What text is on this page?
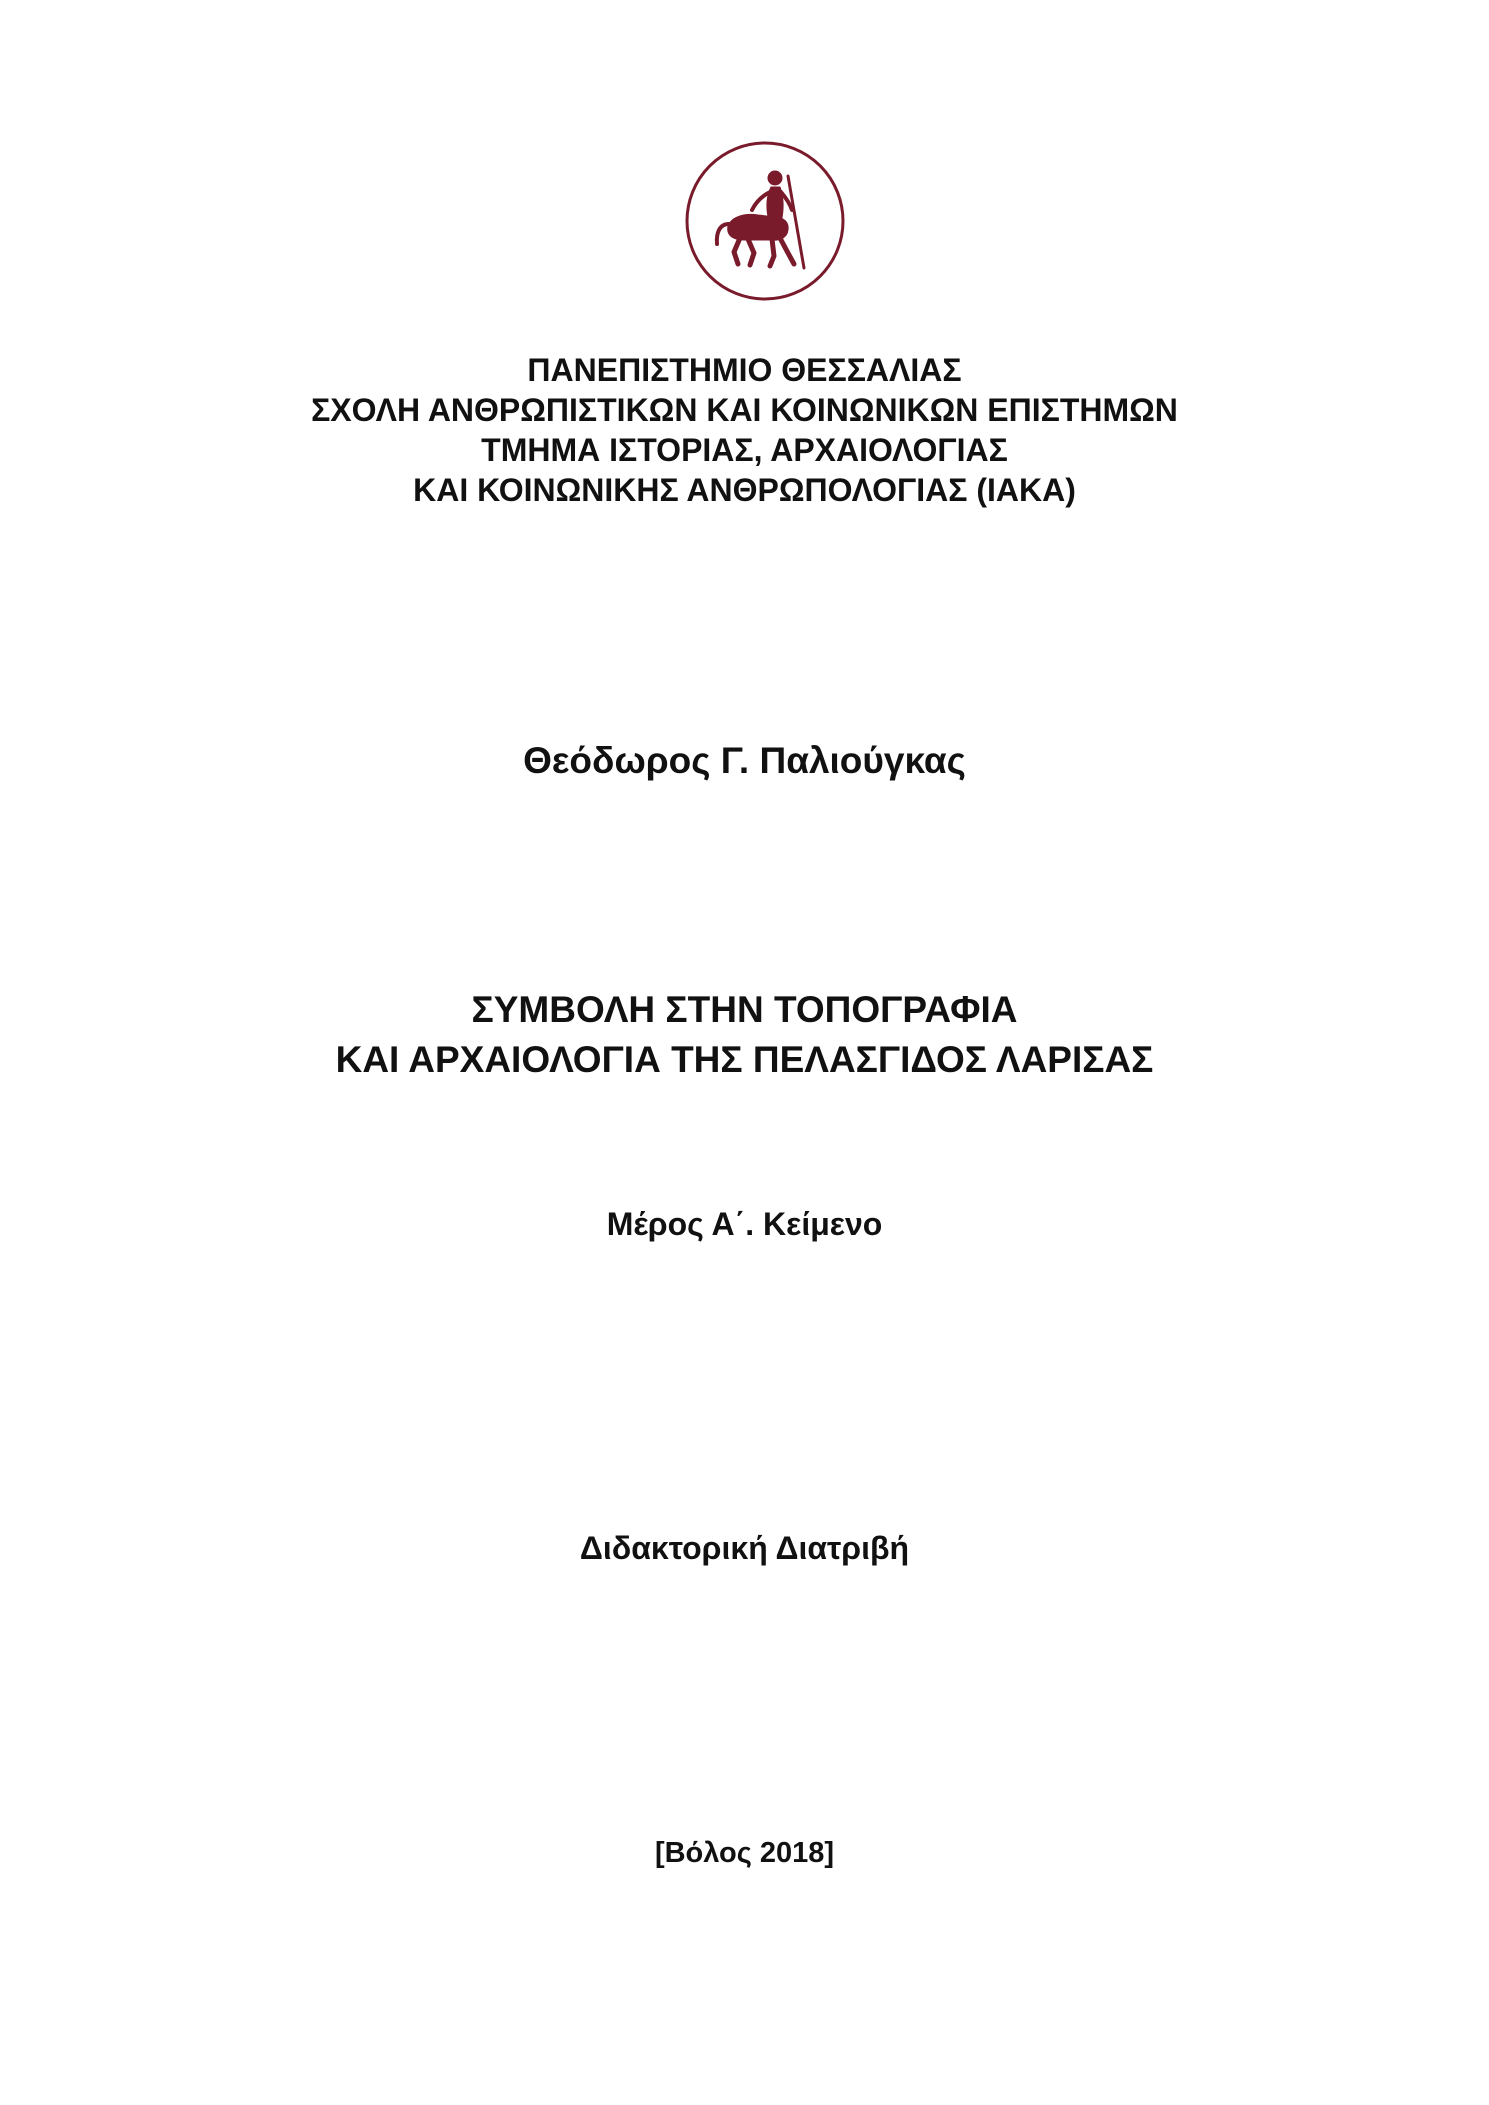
ΠΑΝΕΠΙΣΤΗΜΙΟ ΘΕΣΣΑΛΙΑΣ
ΣΧΟΛΗ ΑΝΘΡΩΠΙΣΤΙΚΩΝ ΚΑΙ ΚΟΙΝΩΝΙΚΩΝ ΕΠΙΣΤΗΜΩΝ
ΤΜΗΜΑ ΙΣΤΟΡΙΑΣ, ΑΡΧΑΙΟΛΟΓΙΑΣ
ΚΑΙ ΚΟΙΝΩΝΙΚΗΣ ΑΝΘΡΩΠΟΛΟΓΙΑΣ (ΙΑΚΑ)
Θεόδωρος Γ. Παλιούγκας
ΣΥΜΒΟΛΗ ΣΤΗΝ ΤΟΠΟΓΡΑΦΙΑ
ΚΑΙ ΑΡΧΑΙΟΛΟΓΙΑ ΤΗΣ ΠΕΛΑΣΓΙΔΟΣ ΛΑΡΙΣΑΣ
Μέρος Α΄. Κείμενο
Διδακτορική Διατριβή
[Βόλος 2018]
